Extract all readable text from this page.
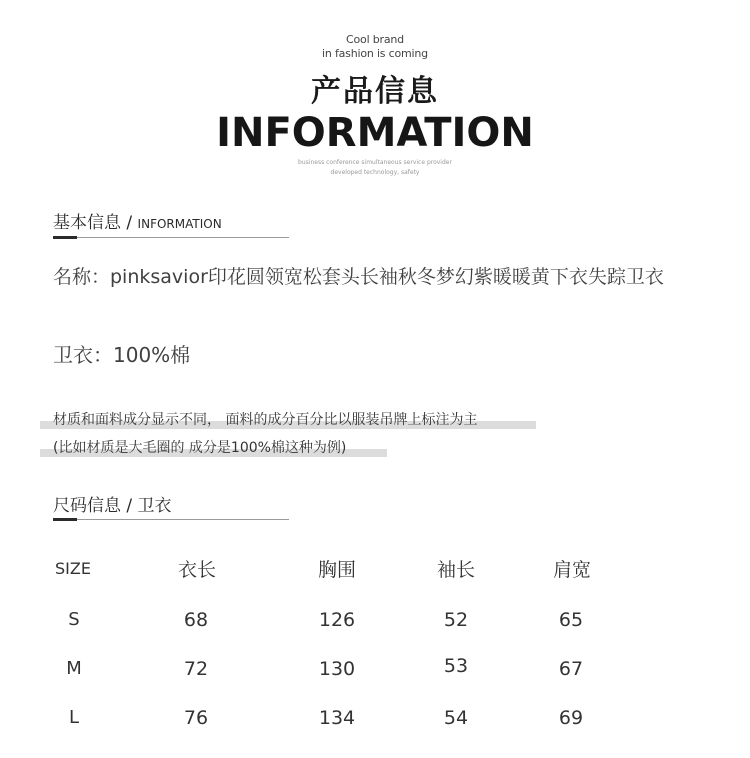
Cool brand
in fashion is coming
产品信息
INFORMATION
business conference simultaneous service provider
developed technology, safety
基本信息 / INFORMATION
名称：pinksavior印花圆领宽松套头长袖秋冬梦幻紫暖暖黄下衣失踪卫衣
卫衣：100%棉
材质和面料成分显示不同， 面料的成分百分比以服装吊牌上标注为主
(比如材质是大毛圈的 成分是100%棉这种为例)
尺码信息 / 卫衣
SIZE	衣长	胸围	袖长	肩宽
S	68	126	52	65
M	72	130	53	67
L	76	134	54	69
